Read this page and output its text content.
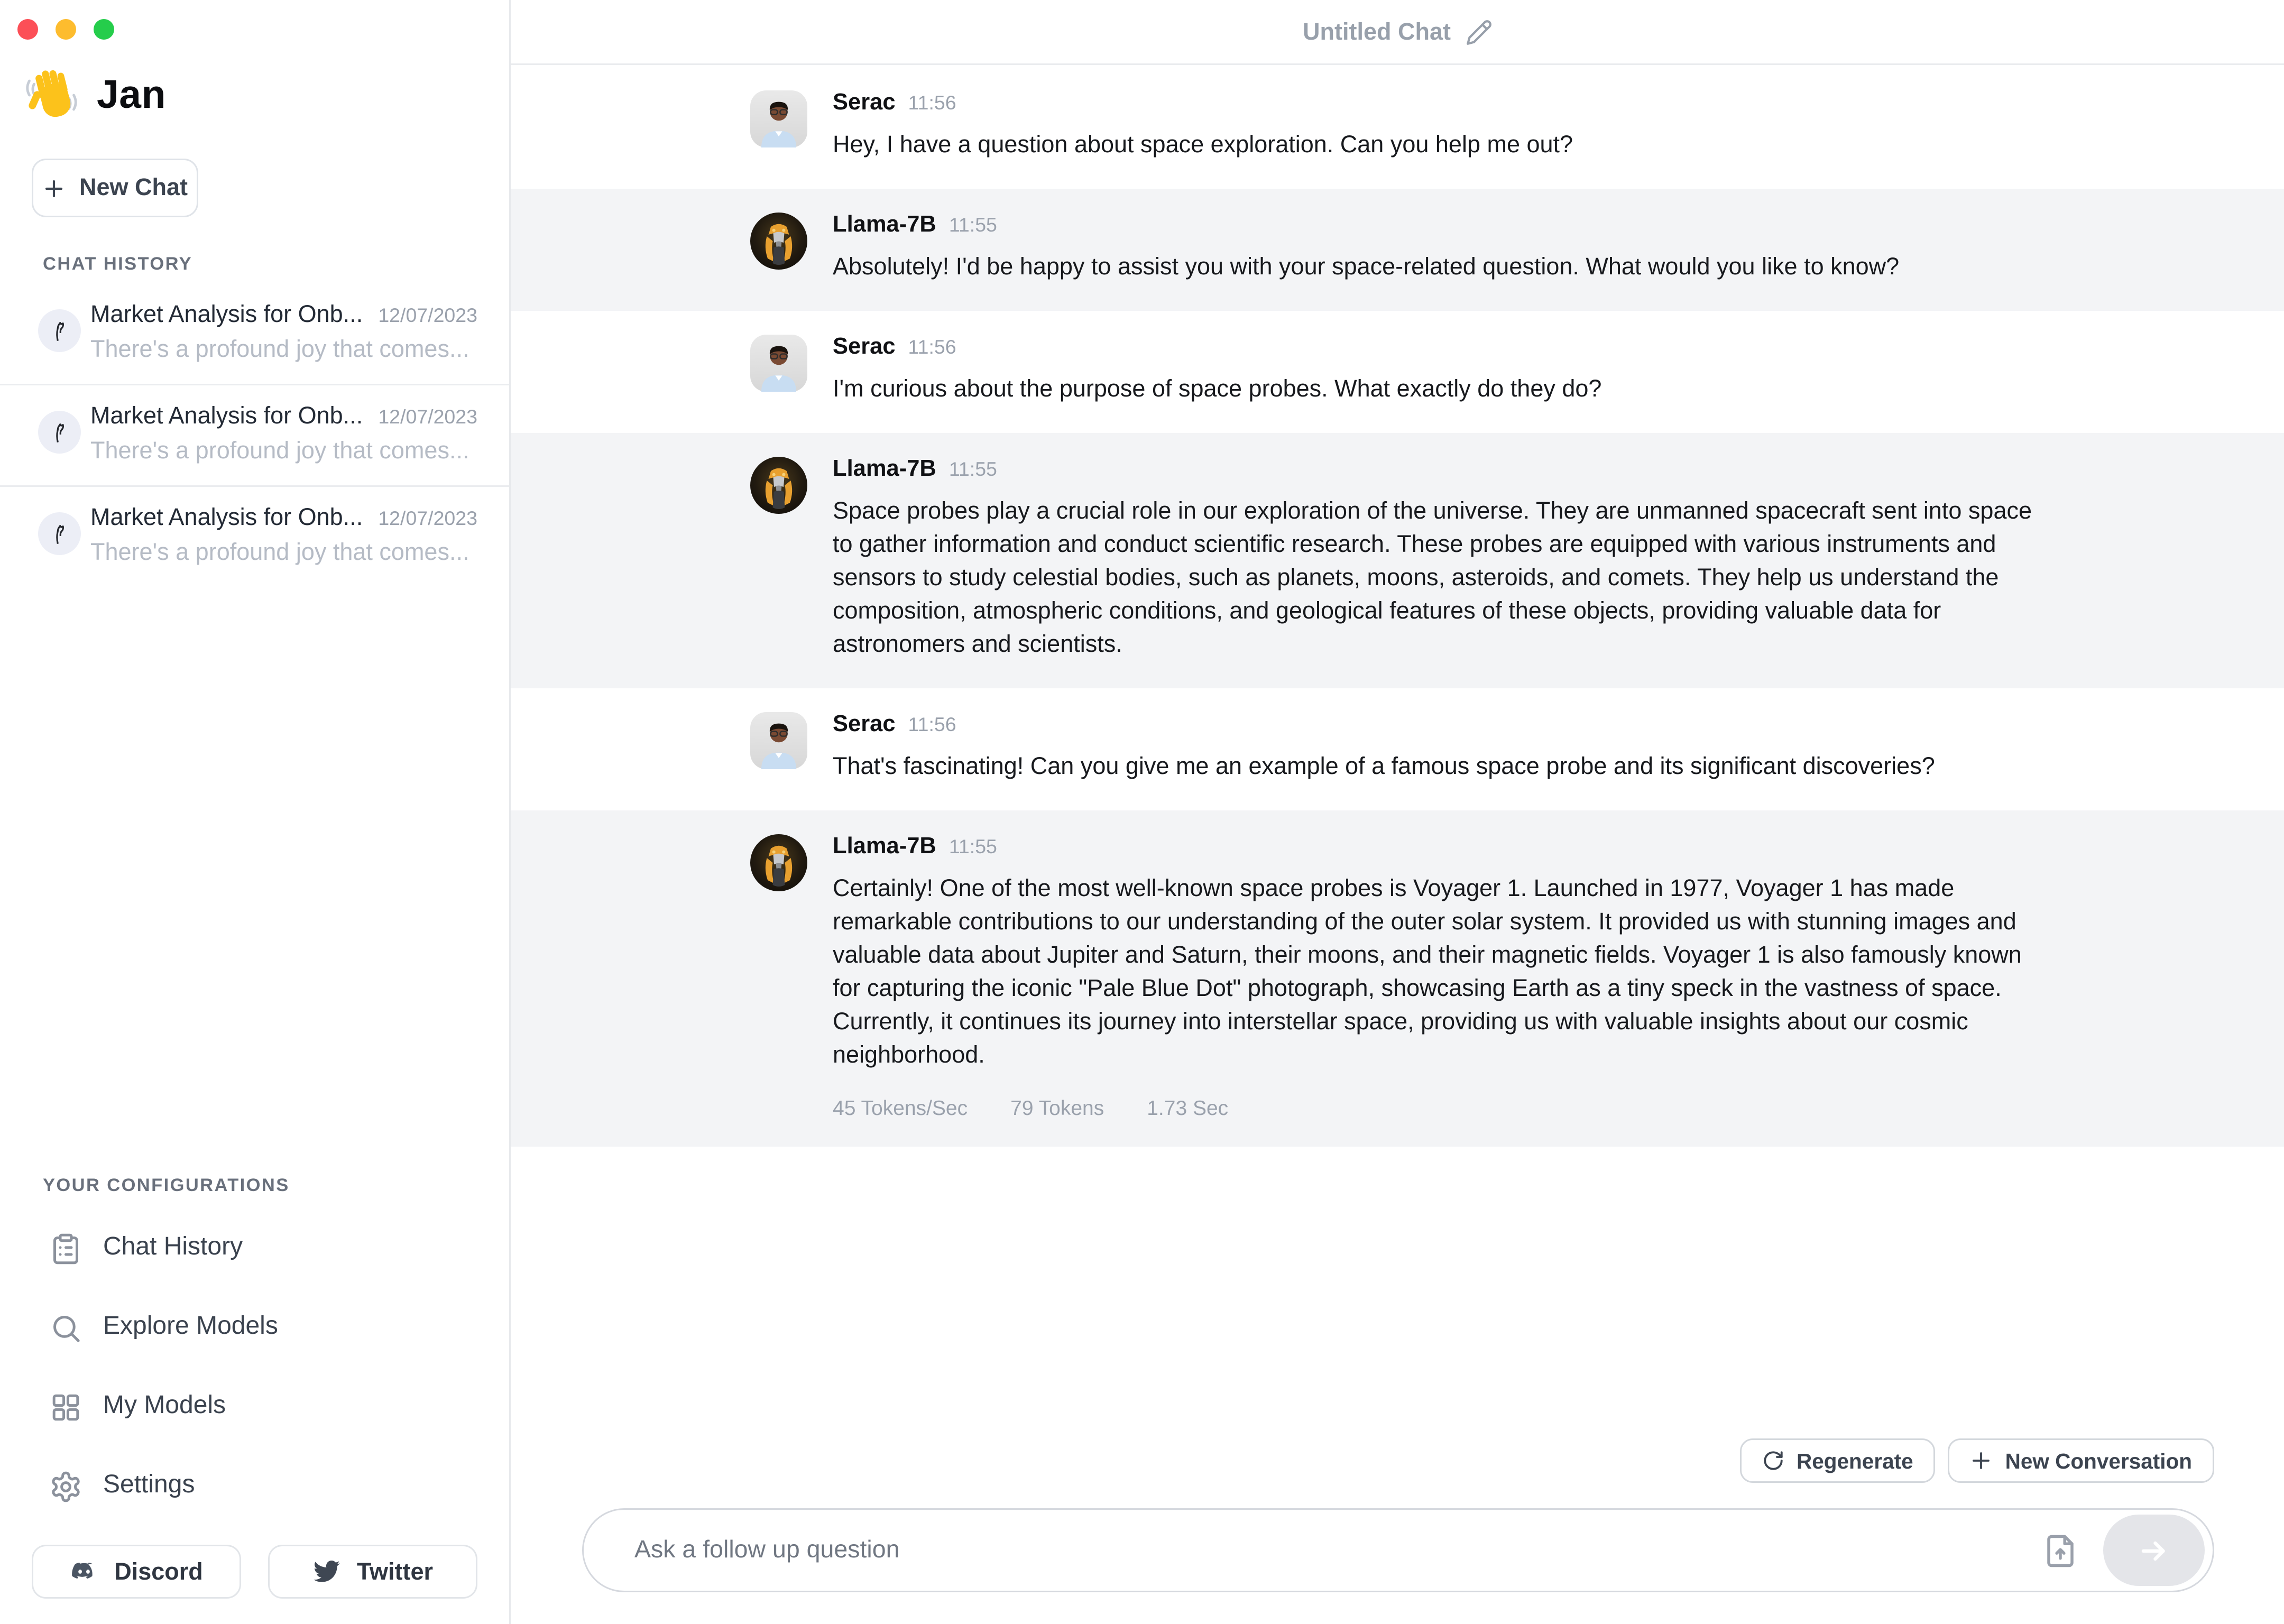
Jan
New Chat
CHAT HISTORY
Market Analysis for Onb... 12/07/2023
There's a profound joy that comes...
Market Analysis for Onb... 12/07/2023
There's a profound joy that comes...
Market Analysis for Onb... 12/07/2023
There's a profound joy that comes...
YOUR CONFIGURATIONS
Chat History
Explore Models
My Models
Settings
Discord	Twitter
Untitled Chat
Serac 11:56
Hey, I have a question about space exploration. Can you help me out?
Llama-7B 11:55
Absolutely! I'd be happy to assist you with your space-related question. What would you like to know?
Serac 11:56
I'm curious about the purpose of space probes. What exactly do they do?
Llama-7B 11:55
Space probes play a crucial role in our exploration of the universe. They are unmanned spacecraft sent into space to gather information and conduct scientific research. These probes are equipped with various instruments and sensors to study celestial bodies, such as planets, moons, asteroids, and comets. They help us understand the composition, atmospheric conditions, and geological features of these objects, providing valuable data for astronomers and scientists.
Serac 11:56
That's fascinating! Can you give me an example of a famous space probe and its significant discoveries?
Llama-7B 11:55
Certainly! One of the most well-known space probes is Voyager 1. Launched in 1977, Voyager 1 has made remarkable contributions to our understanding of the outer solar system. It provided us with stunning images and valuable data about Jupiter and Saturn, their moons, and their magnetic fields. Voyager 1 is also famously known for capturing the iconic "Pale Blue Dot" photograph, showcasing Earth as a tiny speck in the vastness of space. Currently, it continues its journey into interstellar space, providing us with valuable insights about our cosmic neighborhood.
45 Tokens/Sec	79 Tokens	1.73 Sec
Regenerate	New Conversation
Ask a follow up question
